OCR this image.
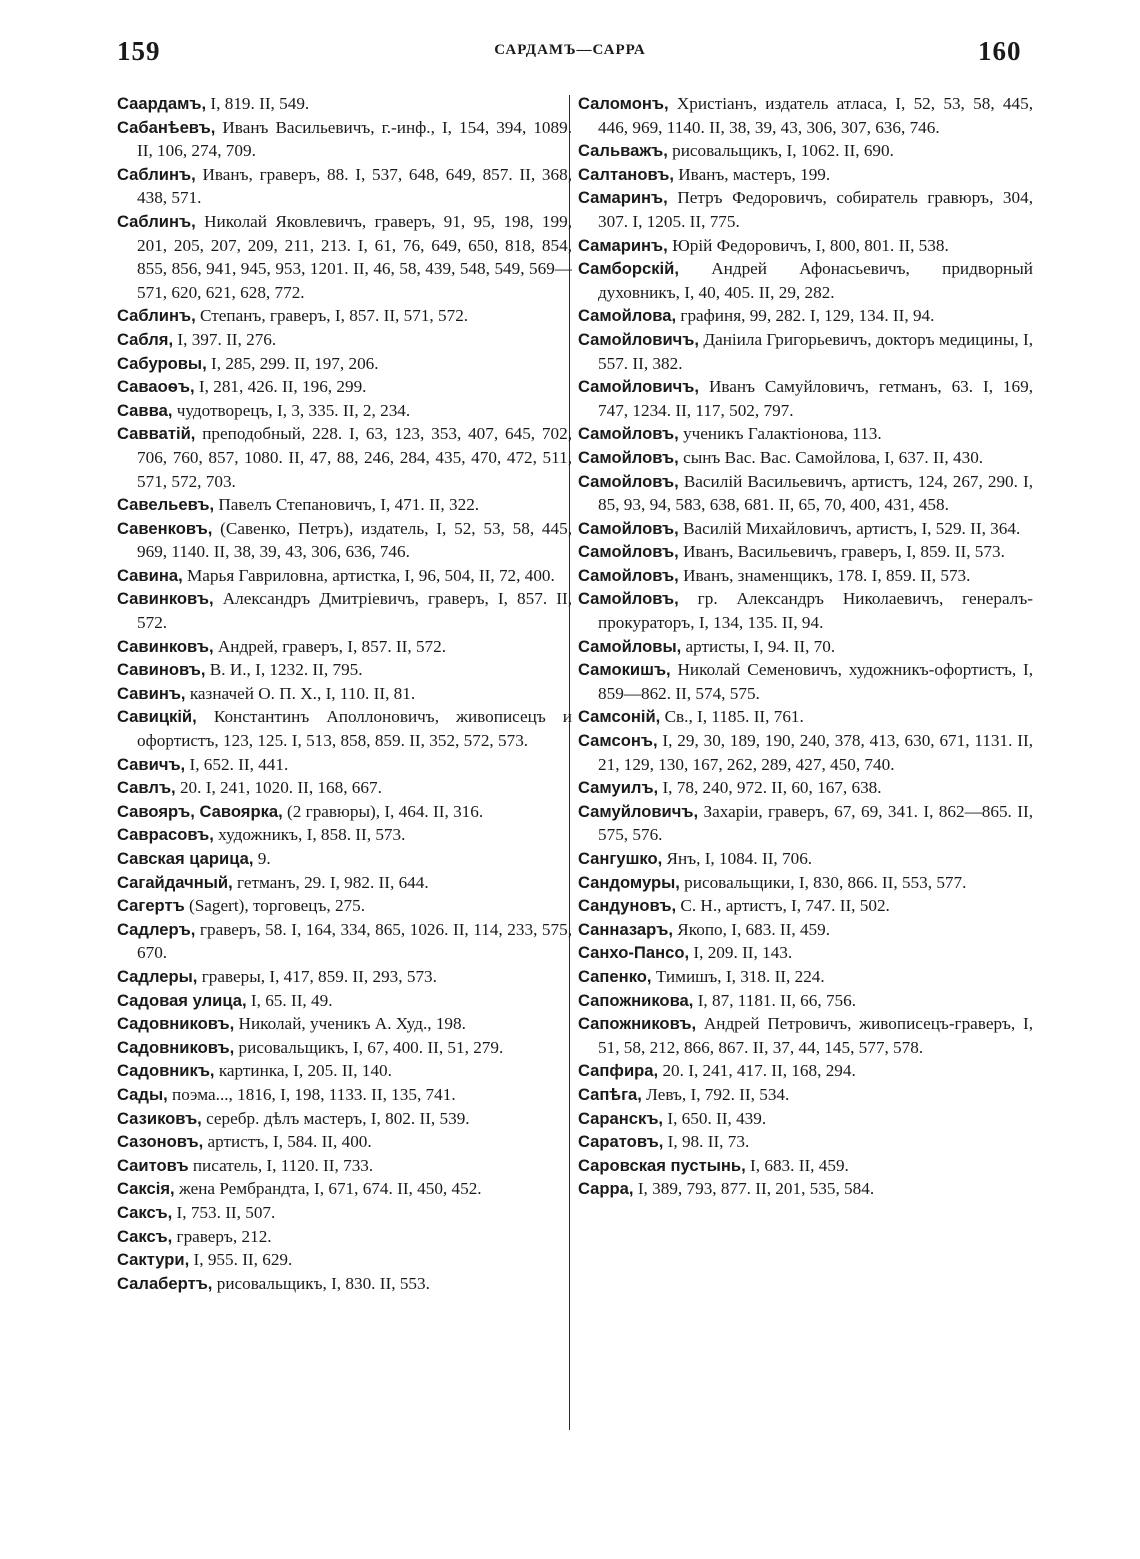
159	САРДАМЪ—САРРА	160
Саардамъ, I, 819. II, 549.
Сабанѣевъ, Иванъ Васильевичъ, г.-инф., I, 154, 394, 1089. II, 106, 274, 709.
Саблинъ, Иванъ, граверъ, 88. I, 537, 648, 649, 857. II, 368, 438, 571.
Саблинъ, Николай Яковлевичъ, граверъ, 91, 95, 198, 199, 201, 205, 207, 209, 211, 213. I, 61, 76, 649, 650, 818, 854, 855, 856, 941, 945, 953, 1201. II, 46, 58, 439, 548, 549, 569—571, 620, 621, 628, 772.
Саблинъ, Степанъ, граверъ, I, 857. II, 571, 572.
Сабля, I, 397. II, 276.
Сабуровы, I, 285, 299. II, 197, 206.
Саваоѳъ, I, 281, 426. II, 196, 299.
Савва, чудотворецъ, I, 3, 335. II, 2, 234.
Савватій, преподобный, 228. I, 63, 123, 353, 407, 645, 702, 706, 760, 857, 1080. II, 47, 88, 246, 284, 435, 470, 472, 511, 571, 572, 703.
Савельевъ, Павелъ Степановичъ, I, 471. II, 322.
Савенковъ, (Савенко, Петръ), издатель, I, 52, 53, 58, 445, 969, 1140. II, 38, 39, 43, 306, 636, 746.
Савина, Марья Гавриловна, артистка, I, 96, 504, II, 72, 400.
Савинковъ, Александръ Дмитріевичъ, граверъ, I, 857. II, 572.
Савинковъ, Андрей, граверъ, I, 857. II, 572.
Савиновъ, В. И., I, 1232. II, 795.
Савинъ, казначей О. П. Х., I, 110. II, 81.
Савицкій, Константинъ Аполлоновичъ, живописецъ и офортистъ, 123, 125. I, 513, 858, 859. II, 352, 572, 573.
Савичъ, I, 652. II, 441.
Савлъ, 20. I, 241, 1020. II, 168, 667.
Савояръ, Савоярка, (2 гравюры), I, 464. II, 316.
Саврасовъ, художникъ, I, 858. II, 573.
Савская царица, 9.
Сагайдачный, гетманъ, 29. I, 982. II, 644.
Сагертъ (Sagert), торговецъ, 275.
Садлеръ, граверъ, 58. I, 164, 334, 865, 1026. II, 114, 233, 575, 670.
Садлеры, граверы, I, 417, 859. II, 293, 573.
Садовая улица, I, 65. II, 49.
Садовниковъ, Николай, ученикъ А. Худ., 198.
Садовниковъ, рисовальщикъ, I, 67, 400. II, 51, 279.
Садовникъ, картинка, I, 205. II, 140.
Сады, поэма..., 1816, I, 198, 1133. II, 135, 741.
Сазиковъ, серебр. дѣлъ мастеръ, I, 802. II, 539.
Сазоновъ, артистъ, I, 584. II, 400.
Саитовъ писатель, I, 1120. II, 733.
Саксія, жена Рембрандта, I, 671, 674. II, 450, 452.
Саксъ, I, 753. II, 507.
Саксъ, граверъ, 212.
Сактури, I, 955. II, 629.
Салабертъ, рисовальщикъ, I, 830. II, 553.
Саломонъ, Христіанъ, издатель атласа, I, 52, 53, 58, 445, 446, 969, 1140. II, 38, 39, 43, 306, 307, 636, 746.
Сальважъ, рисовальщикъ, I, 1062. II, 690.
Салтановъ, Иванъ, мастеръ, 199.
Самаринъ, Петръ Федоровичъ, собиратель гравюръ, 304, 307. I, 1205. II, 775.
Самаринъ, Юрій Федоровичъ, I, 800, 801. II, 538.
Самборскій, Андрей Афонасьевичъ, придворный духовникъ, I, 40, 405. II, 29, 282.
Самойлова, графиня, 99, 282. I, 129, 134. II, 94.
Самойловичъ, Даніила Григорьевичъ, докторъ медицины, I, 557. II, 382.
Самойловичъ, Иванъ Самуйловичъ, гетманъ, 63. I, 169, 747, 1234. II, 117, 502, 797.
Самойловъ, ученикъ Галактіонова, 113.
Самойловъ, сынъ Вас. Вас. Самойлова, I, 637. II, 430.
Самойловъ, Василій Васильевичъ, артистъ, 124, 267, 290. I, 85, 93, 94, 583, 638, 681. II, 65, 70, 400, 431, 458.
Самойловъ, Василій Михайловичъ, артистъ, I, 529. II, 364.
Самойловъ, Иванъ, Васильевичъ, граверъ, I, 859. II, 573.
Самойловъ, Иванъ, знаменщикъ, 178. I, 859. II, 573.
Самойловъ, гр. Александръ Николаевичъ, генералъ-прокураторъ, I, 134, 135. II, 94.
Самойловы, артисты, I, 94. II, 70.
Самокишъ, Николай Семеновичъ, художникъ-офортистъ, I, 859—862. II, 574, 575.
Самсоній, Св., I, 1185. II, 761.
Самсонъ, I, 29, 30, 189, 190, 240, 378, 413, 630, 671, 1131. II, 21, 129, 130, 167, 262, 289, 427, 450, 740.
Самуилъ, I, 78, 240, 972. II, 60, 167, 638.
Самуйловичъ, Захаріи, граверъ, 67, 69, 341. I, 862—865. II, 575, 576.
Сангушко, Янъ, I, 1084. II, 706.
Сандомуры, рисовальщики, I, 830, 866. II, 553, 577.
Сандуновъ, С. Н., артистъ, I, 747. II, 502.
Санназаръ, Якопо, I, 683. II, 459.
Санхо-Пансо, I, 209. II, 143.
Сапенко, Тимишъ, I, 318. II, 224.
Сапожникова, I, 87, 1181. II, 66, 756.
Сапожниковъ, Андрей Петровичъ, живописецъ-граверъ, I, 51, 58, 212, 866, 867. II, 37, 44, 145, 577, 578.
Сапфира, 20. I, 241, 417. II, 168, 294.
Сапѣга, Левъ, I, 792. II, 534.
Саранскъ, I, 650. II, 439.
Саратовъ, I, 98. II, 73.
Саровская пустынь, I, 683. II, 459.
Сарра, I, 389, 793, 877. II, 201, 535, 584.
